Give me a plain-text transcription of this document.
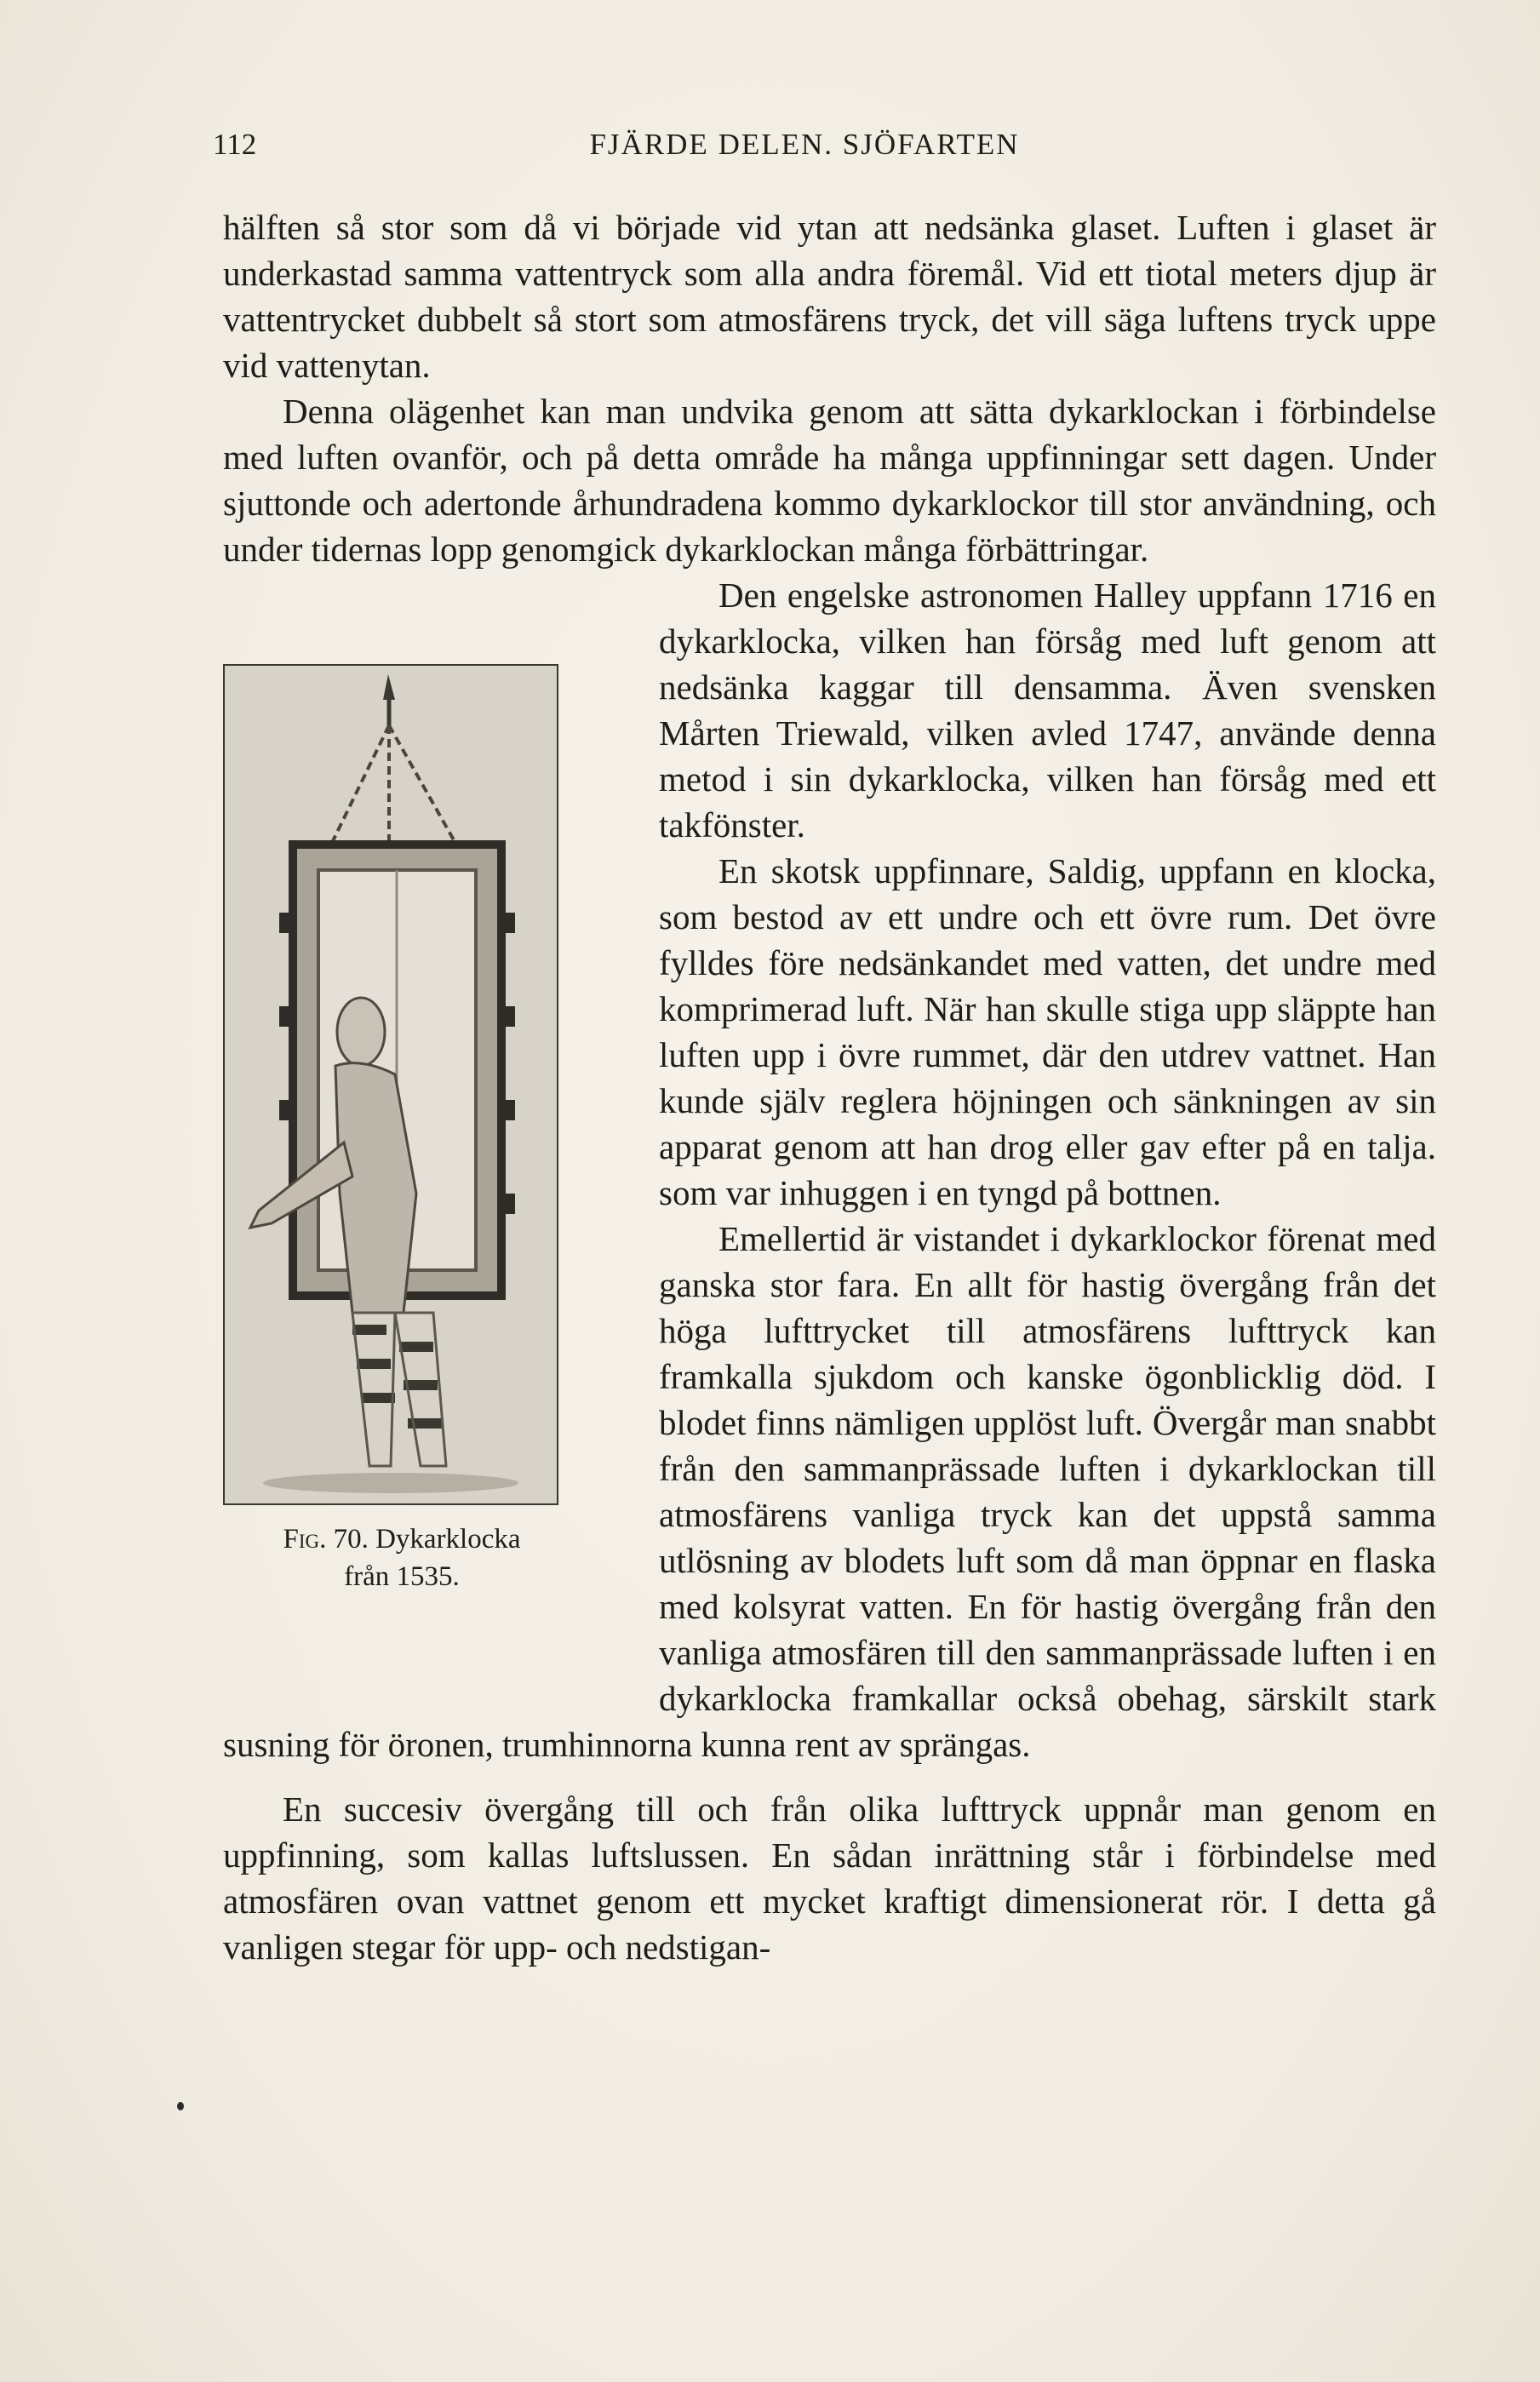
112	FJÄRDE DELEN. SJÖFARTEN

hälften så stor som då vi började vid ytan att nedsänka glaset. Luften i glaset är underkastad samma vattentryck som alla andra föremål. Vid ett tiotal meters djup är vattentrycket dubbelt så stort som atmosfärens tryck, det vill säga luftens tryck uppe vid vattenytan.

Denna olägenhet kan man undvika genom att sätta dykarklockan i förbindelse med luften ovanför, och på detta område ha många uppfinningar sett dagen. Under sjuttonde och adertonde århundradena kommo dykarklockor till stor användning, och under tidernas lopp genomgick dykarklockan många förbättringar.

Fig. 70. Dykarklocka
från 1535.

Den engelske astronomen Halley uppfann 1716 en dykarklocka, vilken han försåg med luft genom att nedsänka kaggar till densamma. Även svensken Mårten Triewald, vilken avled 1747, använde denna metod i sin dykarklocka, vilken han försåg med ett takfönster.

En skotsk uppfinnare, Saldig, uppfann en klocka, som bestod av ett undre och ett övre rum. Det övre fylldes före nedsänkandet med vatten, det undre med komprimerad luft. När han skulle stiga upp släppte han luften upp i övre rummet, där den utdrev vattnet. Han kunde själv reglera höjningen och sänkningen av sin apparat genom att han drog eller gav efter på en talja. som var inhuggen i en tyngd på bottnen.

Emellertid är vistandet i dykarklockor förenat med ganska stor fara. En allt för hastig övergång från det höga lufttrycket till atmosfärens lufttryck kan framkalla sjukdom och kanske ögonblicklig död. I blodet finns nämligen upplöst luft. Övergår man snabbt från den sammanprässade luften i dykarklockan till atmosfärens vanliga tryck kan det uppstå samma utlösning av blodets luft som då man öppnar en flaska med kolsyrat vatten. En för hastig övergång från den vanliga atmosfären till den sammanprässade luften i en dykarklocka framkallar också obehag, särskilt stark susning för öronen, trumhinnorna kunna rent av sprängas.

En succesiv övergång till och från olika lufttryck uppnår man genom en uppfinning, som kallas luftslussen. En sådan inrättning står i förbindelse med atmosfären ovan vattnet genom ett mycket kraftigt dimensionerat rör. I detta gå vanligen stegar för upp- och nedstigan-
